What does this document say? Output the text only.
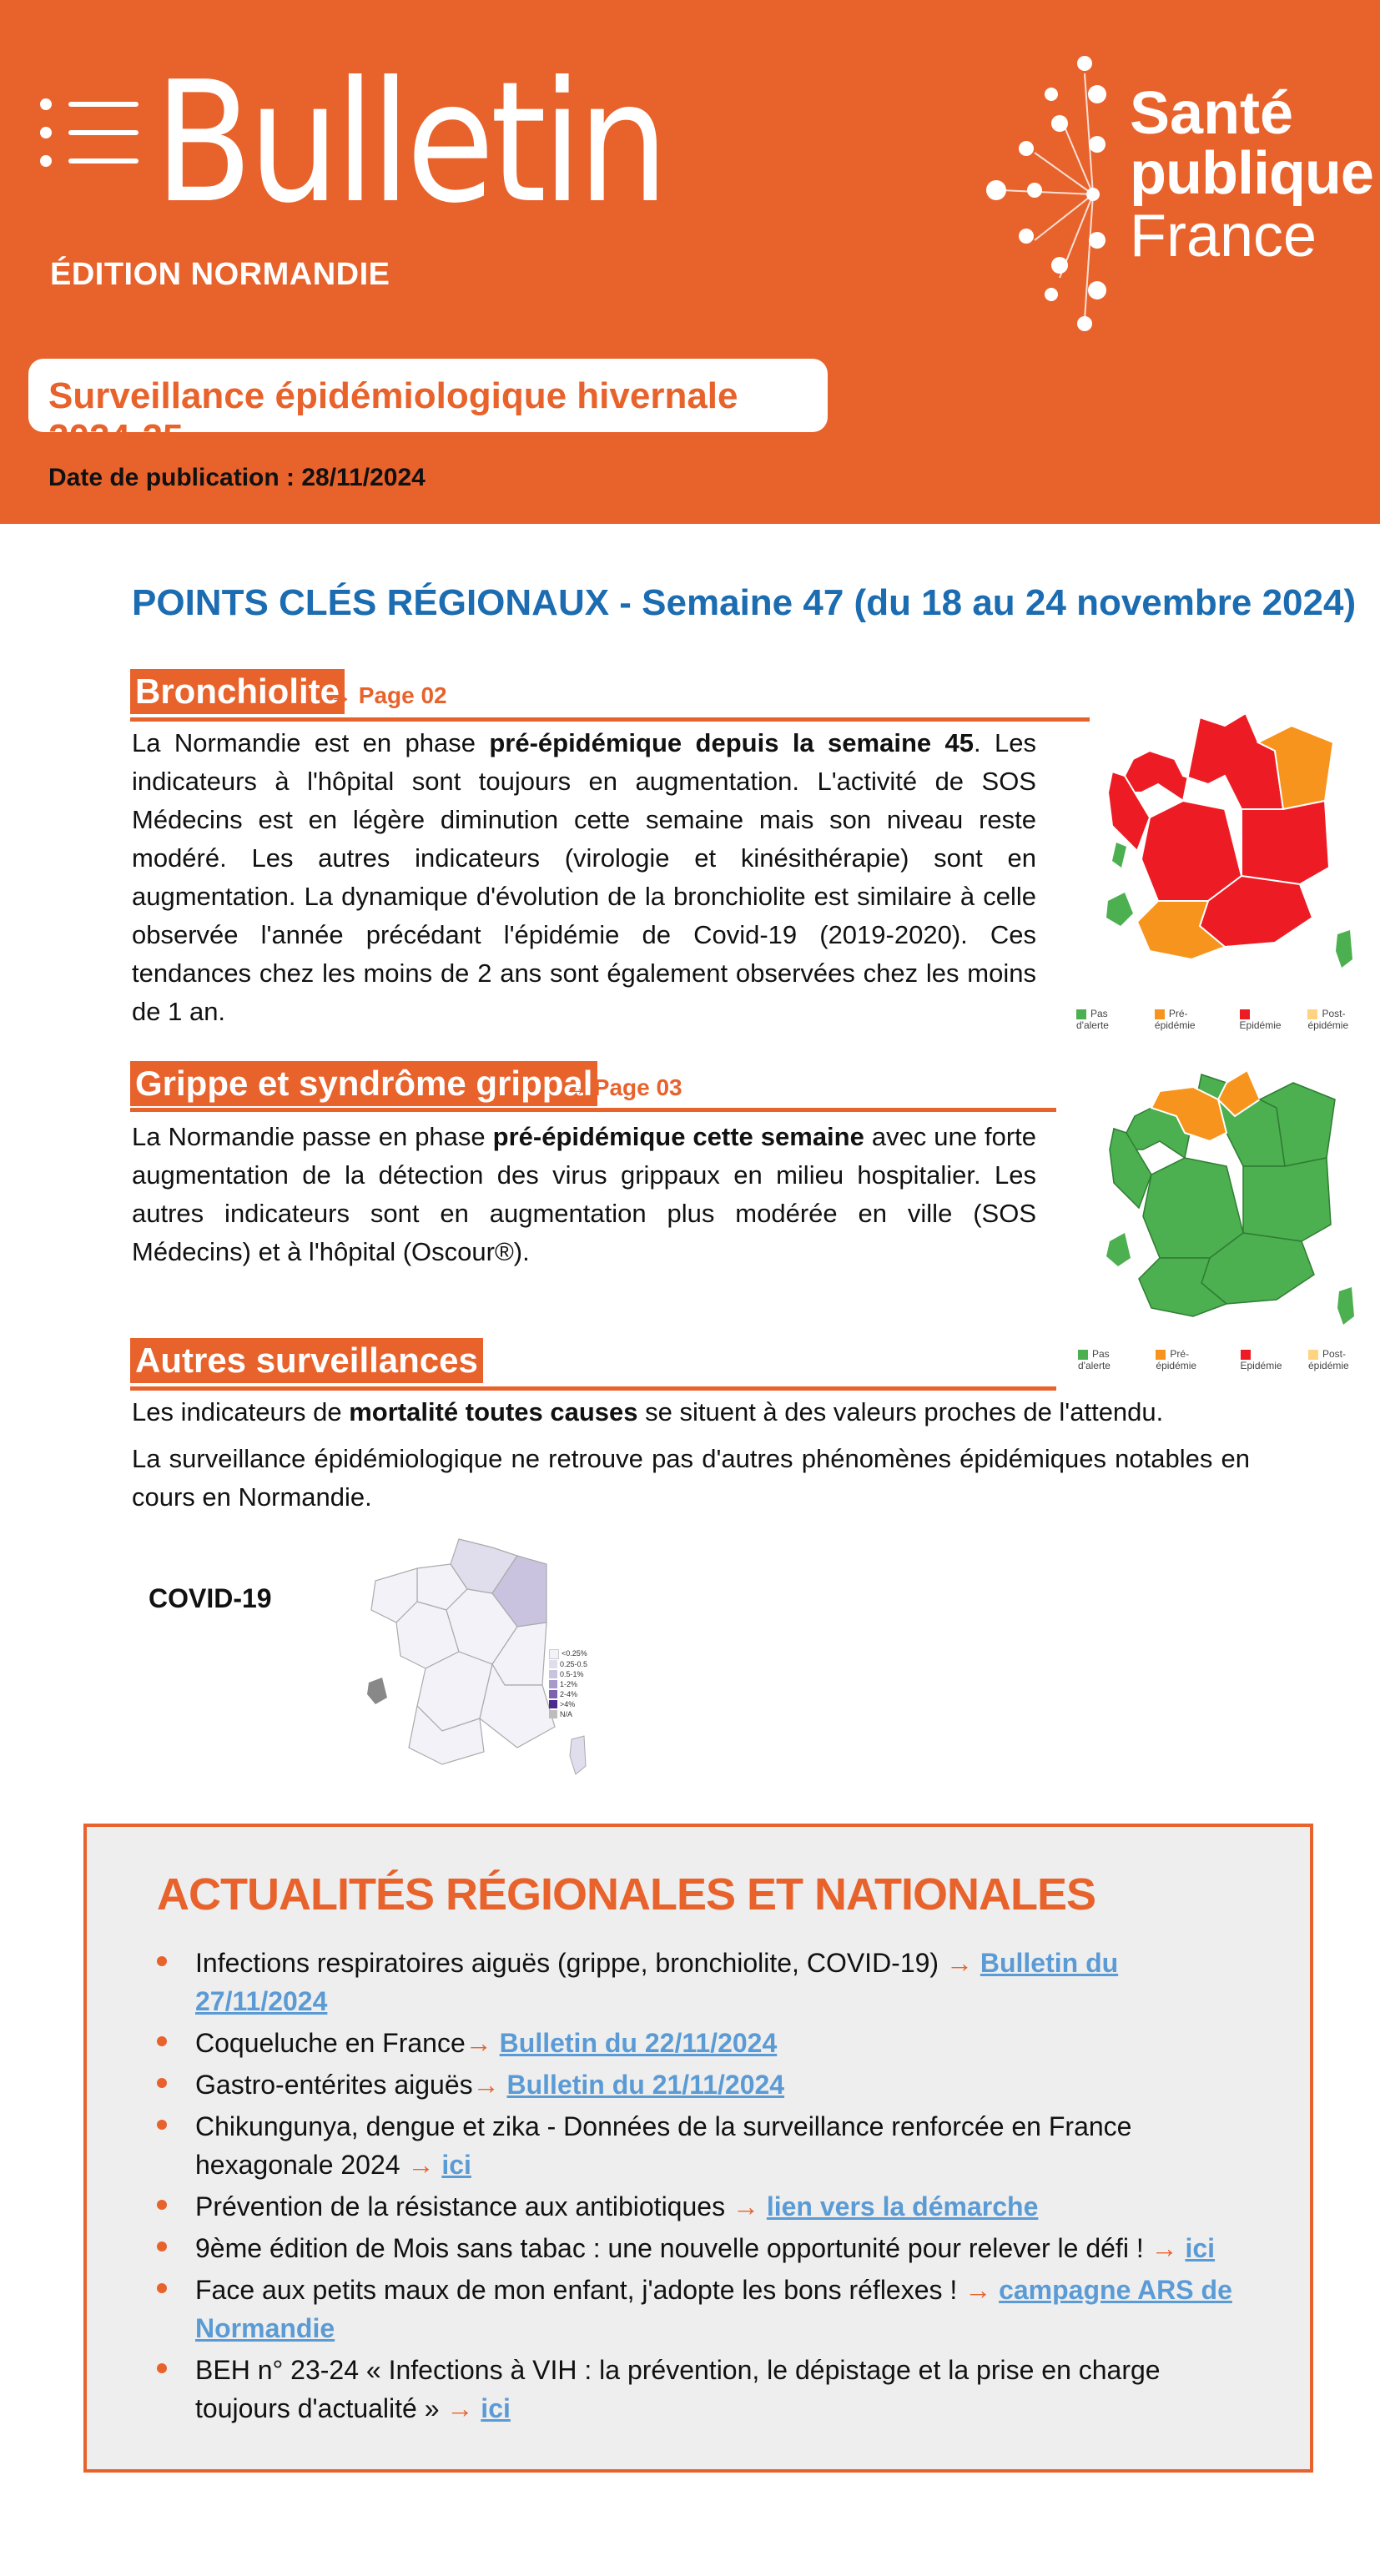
Bulletin
ÉDITION NORMANDIE
Santé
publique
France
Surveillance épidémiologique hivernale 2024-25
Date de publication : 28/11/2024
POINTS CLÉS RÉGIONAUX - Semaine 47 (du 18 au 24 novembre 2024)
Bronchiolite
→ Page 02
La Normandie est en phase pré-épidémique depuis la semaine 45. Les indicateurs à l'hôpital sont toujours en augmentation. L'activité de SOS Médecins est en légère diminution cette semaine mais son niveau reste modéré. Les autres indicateurs (virologie et kinésithérapie) sont en augmentation. La dynamique d'évolution de la bronchiolite est similaire à celle observée l'année précédant l'épidémie de Covid-19 (2019-2020). Ces tendances chez les moins de 2 ans sont également observées chez les moins de 1 an.	Pas d'alerte
Pré-épidémie	Epidémie
Post-épidémie
Grippe et syndrôme grippal
→ Page 03
La Normandie passe en phase pré-épidémique cette semaine avec une forte augmentation de la détection des virus grippaux en milieu hospitalier. Les autres indicateurs sont en augmentation plus modérée en ville (SOS Médecins) et à l'hôpital (Oscour®).
Pas d'alerte
Pré-épidémie	Epidémie
Post-épidémie
Autres surveillances
Les indicateurs de mortalité toutes causes se situent à des valeurs proches de l'attendu.
La surveillance épidémiologique ne retrouve pas d'autres phénomènes épidémiques notables en cours en Normandie.
COVID-19
<0.25%
0.25-0.5
0.5-1%
1-2%
2-4%
>4%
N/A
ACTUALITÉS RÉGIONALES ET NATIONALES
Infections respiratoires aiguës (grippe, bronchiolite, COVID-19) → Bulletin du 27/11/2024
Coqueluche en France→ Bulletin du 22/11/2024
Gastro-entérites aiguës→ Bulletin du 21/11/2024
Chikungunya, dengue et zika - Données de la surveillance renforcée en France hexagonale 2024 → ici
Prévention de la résistance aux antibiotiques → lien vers la démarche
9ème édition de Mois sans tabac : une nouvelle opportunité pour relever le défi ! → ici
Face aux petits maux de mon enfant, j'adopte les bons réflexes ! → campagne ARS de Normandie
BEH n° 23-24 « Infections à VIH : la prévention, le dépistage et la prise en charge toujours d'actualité » → ici
